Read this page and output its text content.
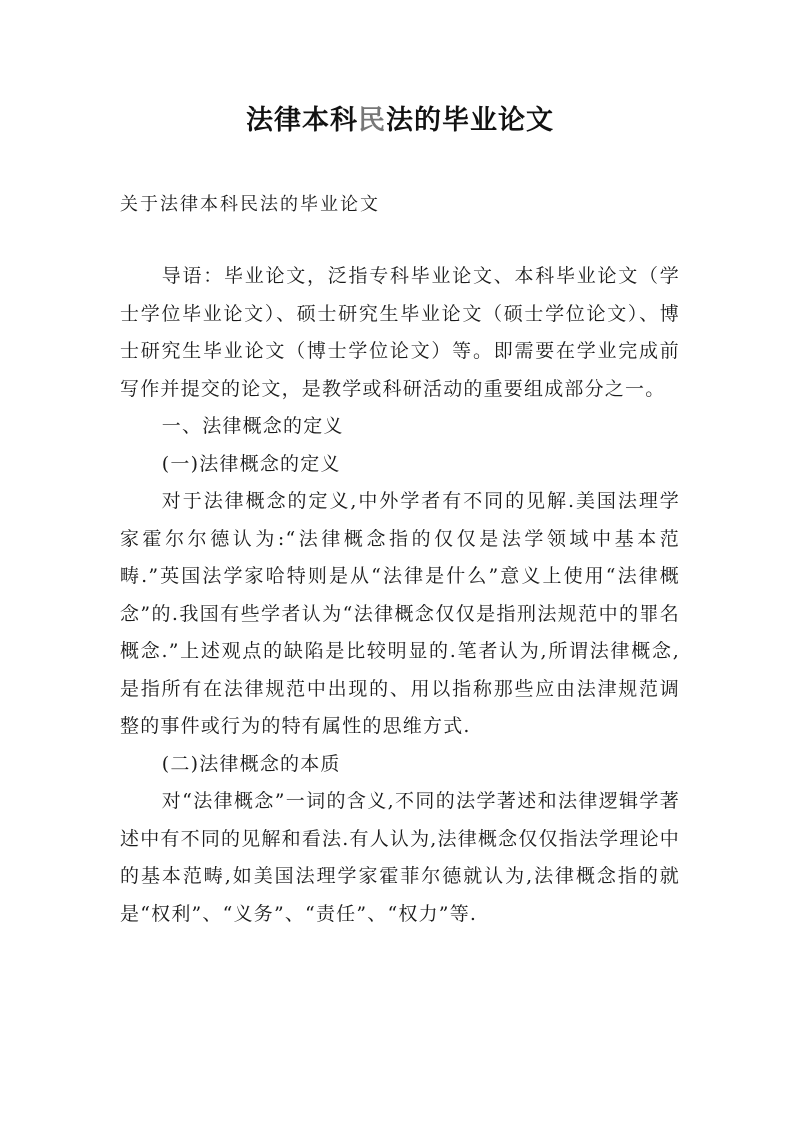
法律本科民法的毕业论文
关于法律本科民法的毕业论文

导语：毕业论文，泛指专科毕业论文、本科毕业论文（学士学位毕业论文）、硕士研究生毕业论文（硕士学位论文）、博士研究生毕业论文（博士学位论文）等。即需要在学业完成前写作并提交的论文，是教学或科研活动的重要组成部分之一。

一、法律概念的定义

(一)法律概念的定义

对于法律概念的定义,中外学者有不同的见解.美国法理学家霍尔尔德认为:“法律概念指的仅仅是法学领域中基本范畴.”英国法学家哈特则是从“法律是什么”意义上使用“法律概念”的.我国有些学者认为“法律概念仅仅是指刑法规范中的罪名概念.”上述观点的缺陷是比较明显的.笔者认为,所谓法律概念,是指所有在法律规范中出现的、用以指称那些应由法津规范调整的事件或行为的特有属性的思维方式.

(二)法律概念的本质

对“法律概念”一词的含义,不同的法学著述和法律逻辑学著述中有不同的见解和看法.有人认为,法律概念仅仅指法学理论中的基本范畴,如美国法理学家霍菲尔德就认为,法律概念指的就是“权利”、“义务”、“责任”、“权力”等.
